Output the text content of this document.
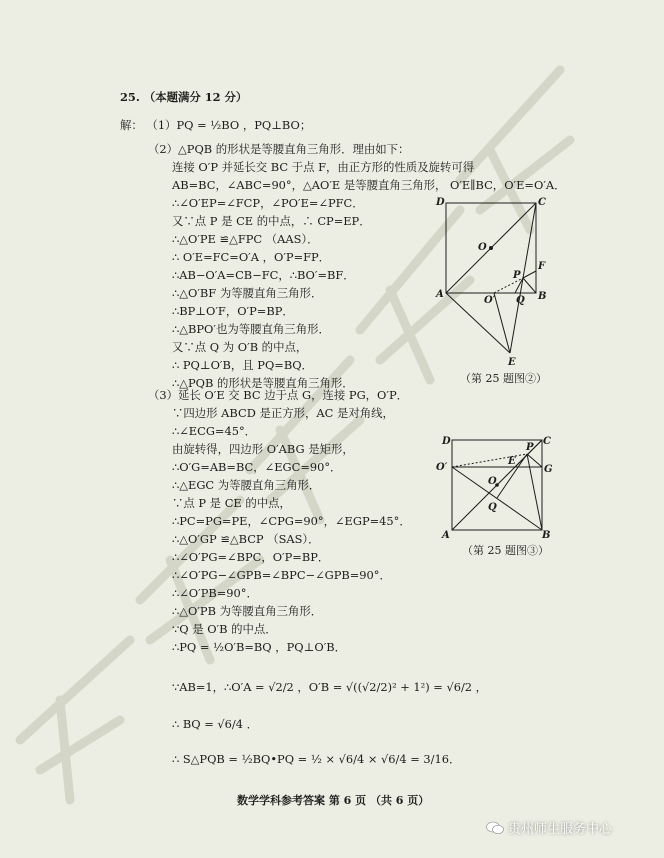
25. （本题满分 12 分）
解： （1）PQ = ½BO ，PQ⊥BO；
（2）△PQB 的形状是等腰直角三角形．理由如下：
连接 O′P 并延长交 BC 于点 F，由正方形的性质及旋转可得
AB=BC，∠ABC=90°，△AO′E 是等腰直角三角形， O′E∥BC，O′E=O′A．
∴∠O′EP=∠FCP，∠PO′E=∠PFC．
又∵点 P 是 CE 的中点，∴ CP=EP．
∴△O′PE ≌△FPC （AAS）．
∴ O′E=FC=O′A ，O′P=FP．
∴AB−O′A=CB−FC，∴BO′=BF．
∴△O′BF 为等腰直角三角形．
∴BP⊥O′F，O′P=BP．
∴△BPO′也为等腰直角三角形．
又∵点 Q 为 O′B 的中点，
∴ PQ⊥O′B，且 PQ=BQ．
∴△PQB 的形状是等腰直角三角形．
D	C
O
F
P
A
O′ Q B
E
（第 25 题图②）
（3）延长 O′E 交 BC 边于点 G，连接 PG，O′P．
∵四边形 ABCD 是正方形，AC 是对角线，
∴∠ECG=45°．
由旋转得，四边形 O′ABG 是矩形，
∴O′G=AB=BC，∠EGC=90°．
∴△EGC 为等腰直角三角形．
∵点 P 是 CE 的中点，
∴PC=PG=PE，∠CPG=90°，∠EGP=45°．
∴△O′GP ≌△BCP （SAS）．
∴∠O′PG=∠BPC，O′P=BP．
∴∠O′PG−∠GPB=∠BPC−∠GPB=90°．
∴∠O′PB=90°．
∴△O′PB 为等腰直角三角形．
∵Q 是 O′B 的中点．
D	C
O′
E
P
G
O
Q
A	B
（第 25 题图③）
∴PQ = ½O′B=BQ ，PQ⊥O′B．
∵AB=1，∴O′A = √2/2 ，O′B = √((√2/2)² + 1²) = √6/2 ，
∴ BQ = √6/4 ．
∴ S△PQB = ½BQ•PQ = ½ × √6/4 × √6/4 = 3/16．
数学学科参考答案 第 6 页 （共 6 页）
贵州师生服务中心
